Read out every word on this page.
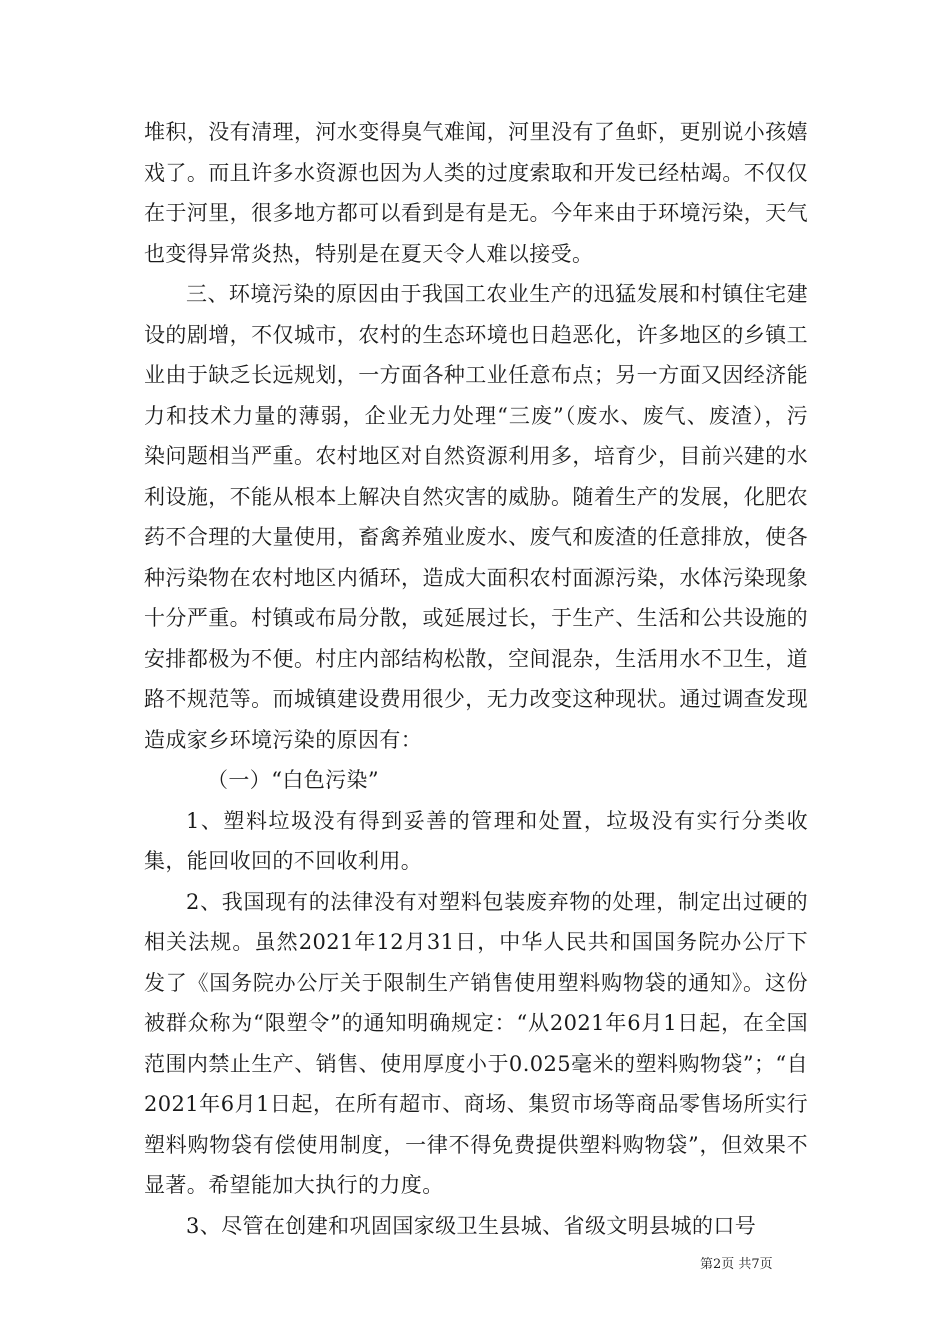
堆积，没有清理，河水变得臭气难闻，河里没有了鱼虾，更别说小孩嬉戏了。而且许多水资源也因为人类的过度索取和开发已经枯竭。不仅仅在于河里，很多地方都可以看到是有是无。今年来由于环境污染，天气也变得异常炎热，特别是在夏天令人难以接受。

三、环境污染的原因由于我国工农业生产的迅猛发展和村镇住宅建设的剧增，不仅城市，农村的生态环境也日趋恶化，许多地区的乡镇工业由于缺乏长远规划，一方面各种工业任意布点；另一方面又因经济能力和技术力量的薄弱，企业无力处理“三废”（废水、废气、废渣），污染问题相当严重。农村地区对自然资源利用多，培育少，目前兴建的水利设施，不能从根本上解决自然灾害的威胁。随着生产的发展，化肥农药不合理的大量使用，畜禽养殖业废水、废气和废渣的任意排放，使各种污染物在农村地区内循环，造成大面积农村面源污染，水体污染现象十分严重。村镇或布局分散，或延展过长，于生产、生活和公共设施的安排都极为不便。村庄内部结构松散，空间混杂，生活用水不卫生，道路不规范等。而城镇建设费用很少，无力改变这种现状。通过调查发现造成家乡环境污染的原因有：

（一）“白色污染”

1、塑料垃圾没有得到妥善的管理和处置，垃圾没有实行分类收集，能回收回的不回收利用。

2、我国现有的法律没有对塑料包装废弃物的处理，制定出过硬的相关法规。虽然2021年12月31日，中华人民共和国国务院办公厅下发了《国务院办公厅关于限制生产销售使用塑料购物袋的通知》。这份被群众称为“限塑令”的通知明确规定：“从2021年6月1日起，在全国范围内禁止生产、销售、使用厚度小于0.025毫米的塑料购物袋”；“自2021年6月1日起，在所有超市、商场、集贸市场等商品零售场所实行塑料购物袋有偿使用制度，一律不得免费提供塑料购物袋”，但效果不显著。希望能加大执行的力度。

3、尽管在创建和巩固国家级卫生县城、省级文明县城的口号

第2页 共7页
